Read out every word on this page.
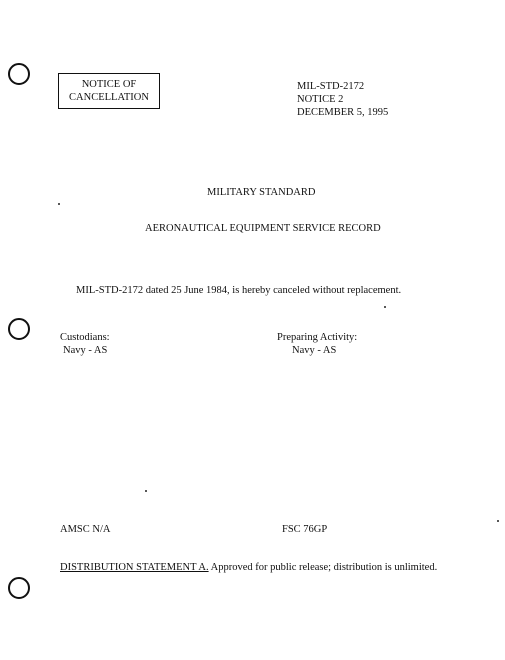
NOTICE OF
CANCELLATION
MIL-STD-2172
NOTICE 2
DECEMBER 5, 1995
MILITARY STANDARD
AERONAUTICAL EQUIPMENT SERVICE RECORD
MIL-STD-2172 dated 25 June 1984, is hereby canceled without replacement.
Custodians:
Navy - AS
Preparing Activity:
Navy - AS
AMSC N/A	FSC 76GP
DISTRIBUTION STATEMENT A. Approved for public release; distribution is unlimited.
